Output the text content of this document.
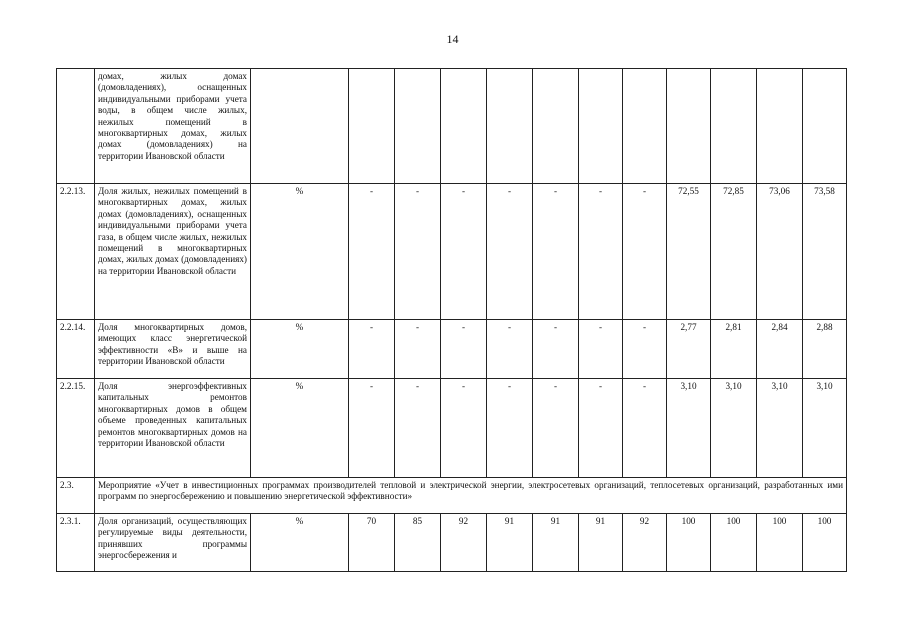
14
	домах, жилых домах (домовладениях), оснащенных индивидуальными приборами учета воды, в общем числе жилых, нежилых помещений в многоквартирных домах, жилых домах (домовладениях) на территории Ивановской области												
2.2.13.	Доля жилых, нежилых помещений в многоквартирных домах, жилых домах (домовладениях), оснащенных индивидуальными приборами учета газа, в общем числе жилых, нежилых помещений в многоквартирных домах, жилых домах (домовладениях) на территории Ивановской области	%	-	-	-	-	-	-	-	72,55	72,85	73,06	73,58
2.2.14.	Доля многоквартирных домов, имеющих класс энергетической эффективности «В» и выше на территории Ивановской области	%	-	-	-	-	-	-	-	2,77	2,81	2,84	2,88
2.2.15.	Доля энергоэффективных капитальных ремонтов многоквартирных домов в общем объеме проведенных капитальных ремонтов многоквартирных домов на территории Ивановской области	%	-	-	-	-	-	-	-	3,10	3,10	3,10	3,10
2.3.	Мероприятие «Учет в инвестиционных программах производителей тепловой и электрической энергии, электросетевых организаций, теплосетевых организаций, разработанных ими программ по энергосбережению и повышению энергетической эффективности»												
2.3.1.	Доля организаций, осуществляющих регулируемые виды деятельности, принявших программы энергосбережения и	%	70	85	92	91	91	91	92	100	100	100	100
